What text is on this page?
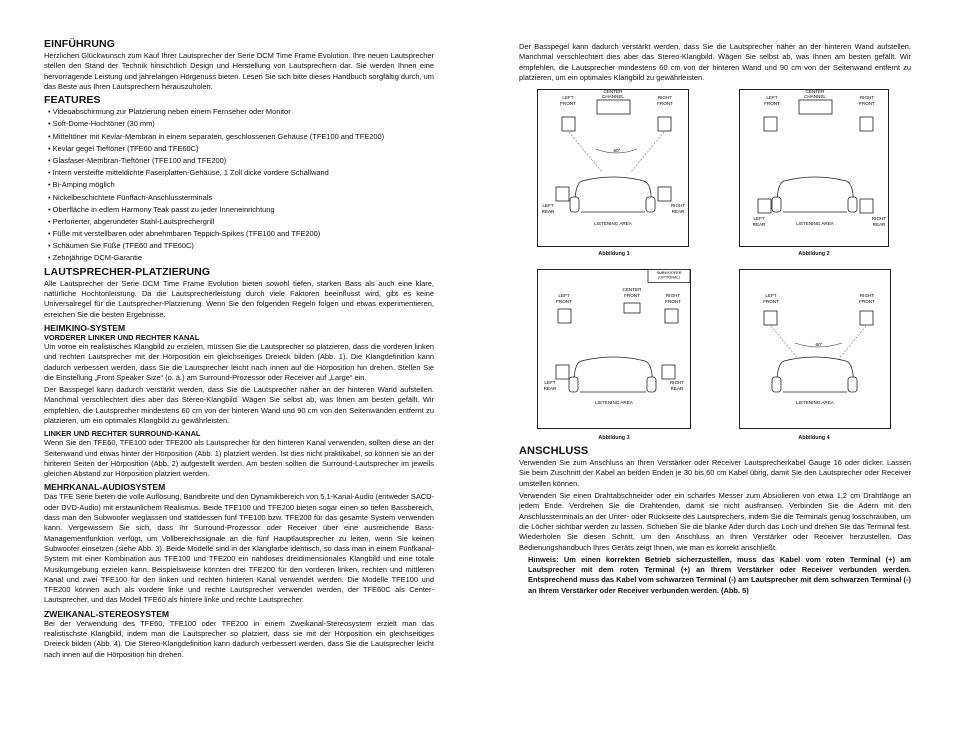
EINFÜHRUNG

Herzlichen Glückwunsch zum Kauf Ihrer Lautsprecher der Serie DCM Time Frame Evolution. Ihre neuen Lautsprecher stellen den Stand der Technik hinsichtlich Design und Herstellung von Lautsprechern dar. Sie werden Ihnen eine hervorragende Leistung und jahrelangen Hörgenuss bieten. Lesen Sie sich bitte dieses Handbuch sorgfältig durch, um das Beste aus Ihren Lautsprechern herauszuholen.

FEATURES
• Videoabschirmung zur Platzierung neben einem Fernseher oder Monitor
• Soft-Dome-Hochtöner (30 mm)
• Mitteltöner mit Kevlar-Membran in einem separaten, geschlossenen Gehäuse (TFE100 and TFE200)
• Kevlar gegel Tieftöner (TFE60 and TFE60C)
• Glasfaser-Membran-Tieftöner (TFE100 and TFE200)
• Intern versteifte mitteldichte Faserplatten-Gehäuse, 1 Zoll dicke vordere Schallwand
• Bi-Amping möglich
• Nickelbeschichtete Fünffach-Anschlussterminals
• Oberfläche in edlem Harmony Teak passt zu jeder Inneneinrichtung
• Perforierter, abgerundeter Stahl-Lautsprechergrill
• Füße mit verstellbaren oder abnehmbaren Teppich-Spikes (TFE100 and TFE200)
• Schäumen Sie Füße (TFE60 and TFE60C)
• Zehnjährige DCM-Garantie
LAUTSPRECHER-PLATZIERUNG

Alle Lautsprecher der Serie DCM Time Frame Evolution bieten sowohl tiefen, starken Bass als auch eine klare, natürliche Hochtonleistung. Da die Lautsprecherleistung durch viele Faktoren beeinflusst wird, gibt es keine Universalregel für die Lautsprecher-Platzierung. Wenn Sie den folgenden Regeln folgen und etwas experimentieren, erreichen Sie die besten Ergebnisse.

HEIMKINO-SYSTEM
VORDERER LINKER UND RECHTER KANAL

Um vorne ein realistisches Klangbild zu erzielen, müssen Sie die Lautsprecher so platzieren, dass die vorderen linken und rechten Lautsprecher mit der Hörposition ein gleichseitiges Dreieck bilden (Abb. 1). Die Klangdefinition kann dadurch verbessert werden, dass Sie die Lautsprecher leicht nach innen auf die Hörposition hin drehen. Stellen Sie die Einstellung „Front Speaker Size“ (o. ä.) am Surround-Prozessor oder Receiver auf „Large“ ein.

Der Basspegel kann dadurch verstärkt werden, dass Sie die Lautsprecher näher an der hinteren Wand aufstellen. Manchmal verschlechtert dies aber das Stereo-Klangbild. Wägen Sie selbst ab, was Ihnen am besten gefällt. Wir empfehlen, die Lautsprecher mindestens 60 cm von der hinteren Wand und 90 cm von den Seitenwänden entfernt zu platzieren, um ein optimales Klangbild zu gewährleisten.

LINKER UND RECHTER SURROUND-KANAL

Wenn Sie den TFE60, TFE100 oder TFE200 als Lautsprecher für den hinteren Kanal verwenden, sollten diese an der Seitenwand und etwas hinter der Hörposition (Abb. 1) platziert werden. Ist dies nicht praktikabel, so können sie an der hinteren Seiten der Hörposition (Abb. 2) aufgestellt werden. Am besten sollten die Surround-Lautsprecher im jeweils gleichen Abstand zur Hörposition platziert werden.

MEHRKANAL-AUDIOSYSTEM

Das TFE Serie bieten die volle Auflösung, Bandbreite und den Dynamikbereich von 5.1-Kanal-Audio (entweder SACD- oder DVD-Audio) mit erstaunlichem Realismus. Beide TFE100 und TFE200 bieten sogar einen so tiefen Bassbereich, dass man den Subwoofer weglassen und stattdessen fünf TFE100 bzw. TFE200 für das gesamte System verwenden kann. Vergewissern Sie sich, dass Ihr Surround-Prozessor oder Receiver über eine ausreichende Bass-Managementfunktion verfügt, um Vollbereichssignale an die fünf Hauptlautsprecher zu leiten, wenn Sie keinen Subwoofer einsetzen (siehe Abb. 3). Beide Modelle sind in der Klangfarbe identisch, so dass man in einem Fünfkanal-System mit einer Kombination aus TFE100 und TFE200 ein nahtloses dreidimensionales Klangbild und eine totale Musikumgebung erzielen kann. Beispielsweise könnten drei TFE200 für den vorderen linken, rechten und mittleren Kanal und zwei TFE100 für den linken und rechten hinteren Kanal verwendet werden. Die Modelle TFE100 und TFE200 können auch als vordere linke und rechte Lautsprecher verwendet werden, der TFE60C als Center-Lautsprecher, und das Modell TFE60 als hintere linke und rechte Lautsprecher.

ZWEIKANAL-STEREOSYSTEM

Bei der Verwendung des TFE60, TFE100 oder TFE200 in einem Zweikanal-Stereosystem erzielt man das realistischste Klangbild, indem man die Lautsprecher so platziert, dass sie mit der Hörposition ein gleichseitiges Dreieck bilden (Abb. 4). Die Stereo-Klangdefinition kann dadurch verbessert werden, dass Sie die Lautsprecher leicht nach innen auf die Hörposition hin drehen.

Der Basspegel kann dadurch verstärkt werden, dass Sie die Lautsprecher näher an der hinteren Wand aufstellen. Manchmal verschlechtert dies aber das Stereo-Klangbild. Wägen Sie selbst ab, was Ihnen am besten gefällt. Wir empfehlen, die Lautsprecher mindestens 60 cm von der hinteren Wand und 90 cm von der Seitenwand entfernt zu platzieren, um ein optimales Klangbild zu gewährleisten.

CENTER CHANNEL
LEFT FRONT
RIGHT FRONT
60°
LEFT REAR
RIGHT REAR
LISTENING AREA
Abbildung 1
CENTER CHANNEL
LEFT FRONT
RIGHT FRONT
LEFT REAR
RIGHT REAR
LISTENING AREA
Abbildung 2
SUBWOOFER (OPTIONAL)
CENTER FRONT
LEFT FRONT
RIGHT FRONT
LEFT REAR
RIGHT REAR
LISTENING AREA
Abbildung 3
LEFT FRONT
RIGHT FRONT
60°
LISTENING AREA
Abbildung 4
ANSCHLUSS

Verwenden Sie zum Anschluss an Ihren Verstärker oder Receiver Lautsprecherkabel Gauge 16 oder dicker. Lassen Sie beim Zuschnitt der Kabel an beiden Enden je 30 bis 60 cm Kabel übrig, damit Sie den Lautsprecher oder Receiver umstellen können.

Verwenden Sie einen Drahtabschneider oder ein scharfes Messer zum Absiolieren von etwa 1,2 cm Drahtlänge an jedem Ende. Verdrehen Sie die Drahtenden, damit sie nicht ausfransen. Verbinden Sie die Adern mit den Anschlussterminals an der Unter- oder Rückseite des Lautsprechers, indem Sie die Terminals genug losschrauben, um die Löcher sichtbar werden zu lassen. Schieben Sie die blanke Ader durch das Loch und drehen Sie das Terminal fest. Wiederholen Sie diesen Schritt, um den Anschluss an Ihren Verstärker oder Receiver herzustellen. Das Bedienungshandbuch Ihres Geräts zeigt Ihnen, wie man es korrekt anschließt.

Hinweis: Um einen korrekten Betrieb sicherzustellen, muss das Kabel vom roten Terminal (+) am Lautsprecher mit dem roten Terminal (+) an Ihrem Verstärker oder Receiver verbunden werden. Entsprechend muss das Kabel vom schwarzen Terminal (-) am Lautsprecher mit dem schwarzen Terminal (-) an Ihrem Verstärker oder Receiver verbunden werden. (Abb. 5)
